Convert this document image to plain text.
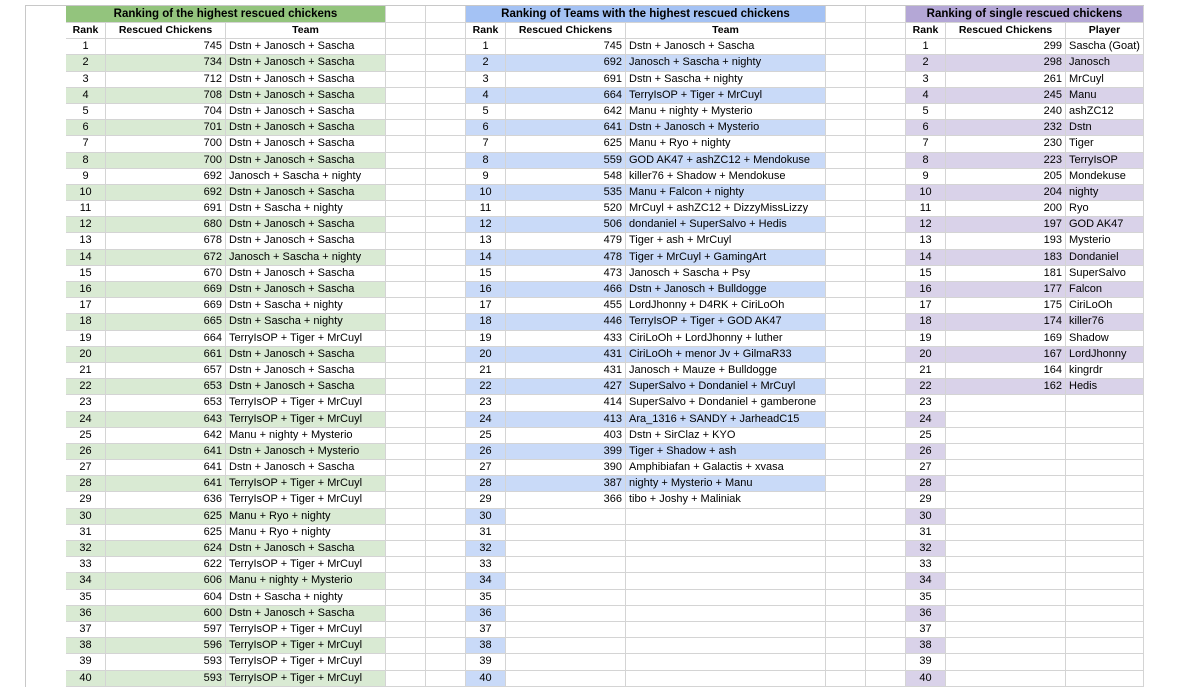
Ranking of the highest rescued chickens
Rank	Rescued Chickens	Team
1	745 Dstn + Janosch + Sascha
2	734 Dstn + Janosch + Sascha
3	712 Dstn + Janosch + Sascha
4	708 Dstn + Janosch + Sascha
5	704 Dstn + Janosch + Sascha
6	701 Dstn + Janosch + Sascha
7	700 Dstn + Janosch + Sascha
8	700 Dstn + Janosch + Sascha
9	692 Janosch + Sascha + nighty
10	692 Dstn + Janosch + Sascha
11	691 Dstn + Sascha + nighty
12	680 Dstn + Janosch + Sascha
13	678 Dstn + Janosch + Sascha
14	672 Janosch + Sascha + nighty
15	670 Dstn + Janosch + Sascha
16	669 Dstn + Janosch + Sascha
17	669 Dstn + Sascha + nighty
18	665 Dstn + Sascha + nighty
19	664 TerryIsOP + Tiger + MrCuyl
20	661 Dstn + Janosch + Sascha
21	657 Dstn + Janosch + Sascha
22	653 Dstn + Janosch + Sascha
23	653 TerryIsOP + Tiger + MrCuyl
24	643 TerryIsOP + Tiger + MrCuyl
25	642 Manu + nighty + Mysterio
26	641 Dstn + Janosch + Mysterio
27	641 Dstn + Janosch + Sascha
28	641 TerryIsOP + Tiger + MrCuyl
29	636 TerryIsOP + Tiger + MrCuyl
30	625 Manu + Ryo + nighty
31	625 Manu + Ryo + nighty
32	624 Dstn + Janosch + Sascha
33	622 TerryIsOP + Tiger + MrCuyl
34	606 Manu + nighty + Mysterio
35	604 Dstn + Sascha + nighty
36	600 Dstn + Janosch + Sascha
37	597 TerryIsOP + Tiger + MrCuyl
38	596 TerryIsOP + Tiger + MrCuyl
39	593 TerryIsOP + Tiger + MrCuyl
40	593 TerryIsOP + Tiger + MrCuyl
Ranking of Teams with the highest rescued chickens
Rank	Rescued Chickens	Team
1	745 Dstn + Janosch + Sascha
2	692 Janosch + Sascha + nighty
3	691 Dstn + Sascha + nighty
4	664 TerryIsOP + Tiger + MrCuyl
5	642 Manu + nighty + Mysterio
6	641 Dstn + Janosch + Mysterio
7	625 Manu + Ryo + nighty
8	559 GOD AK47 + ashZC12 + Mendokuse
9	548 killer76 + Shadow + Mendokuse
10	535 Manu + Falcon + nighty
11	520 MrCuyl + ashZC12 + DizzyMissLizzy
12	506 dondaniel + SuperSalvo + Hedis
13	479 Tiger + ash + MrCuyl
14	478 Tiger + MrCuyl + GamingArt
15	473 Janosch + Sascha + Psy
16	466 Dstn + Janosch + Bulldogge
17	455 LordJhonny + D4RK + CiriLoOh
18	446 TerryIsOP + Tiger + GOD AK47
19	433 CiriLoOh + LordJhonny + luther
20	431 CiriLoOh + menor Jv + GilmaR33
21	431 Janosch + Mauze + Bulldogge
22	427 SuperSalvo + Dondaniel + MrCuyl
23	414 SuperSalvo + Dondaniel + gamberone
24	413 Ara_1316 + SANDY + JarheadC15
25	403 Dstn + SirClaz + KYO
26	399 Tiger + Shadow + ash
27	390 Amphibiafan + Galactis + xvasa
28	387 nighty + Mysterio + Manu
29	366 tibo + Joshy + Maliniak
30
31
32
33
34
35
36
37
38
39
40
Ranking of single rescued chickens
Rank	Rescued Chickens	Player
1	299 Sascha (Goat)
2	298 Janosch
3	261 MrCuyl
4	245 Manu
5	240 ashZC12
6	232 Dstn
7	230 Tiger
8	223 TerryIsOP
9	205 Mondekuse
10	204 nighty
11	200 Ryo
12	197 GOD AK47
13	193 Mysterio
14	183 Dondaniel
15	181 SuperSalvo
16	177 Falcon
17	175 CiriLoOh
18	174 killer76
19	169 Shadow
20	167 LordJhonny
21	164 kingrdr
22	162 Hedis
23
24
25
26
27
28
29
30
31
32
33
34
35
36
37
38
39
40
